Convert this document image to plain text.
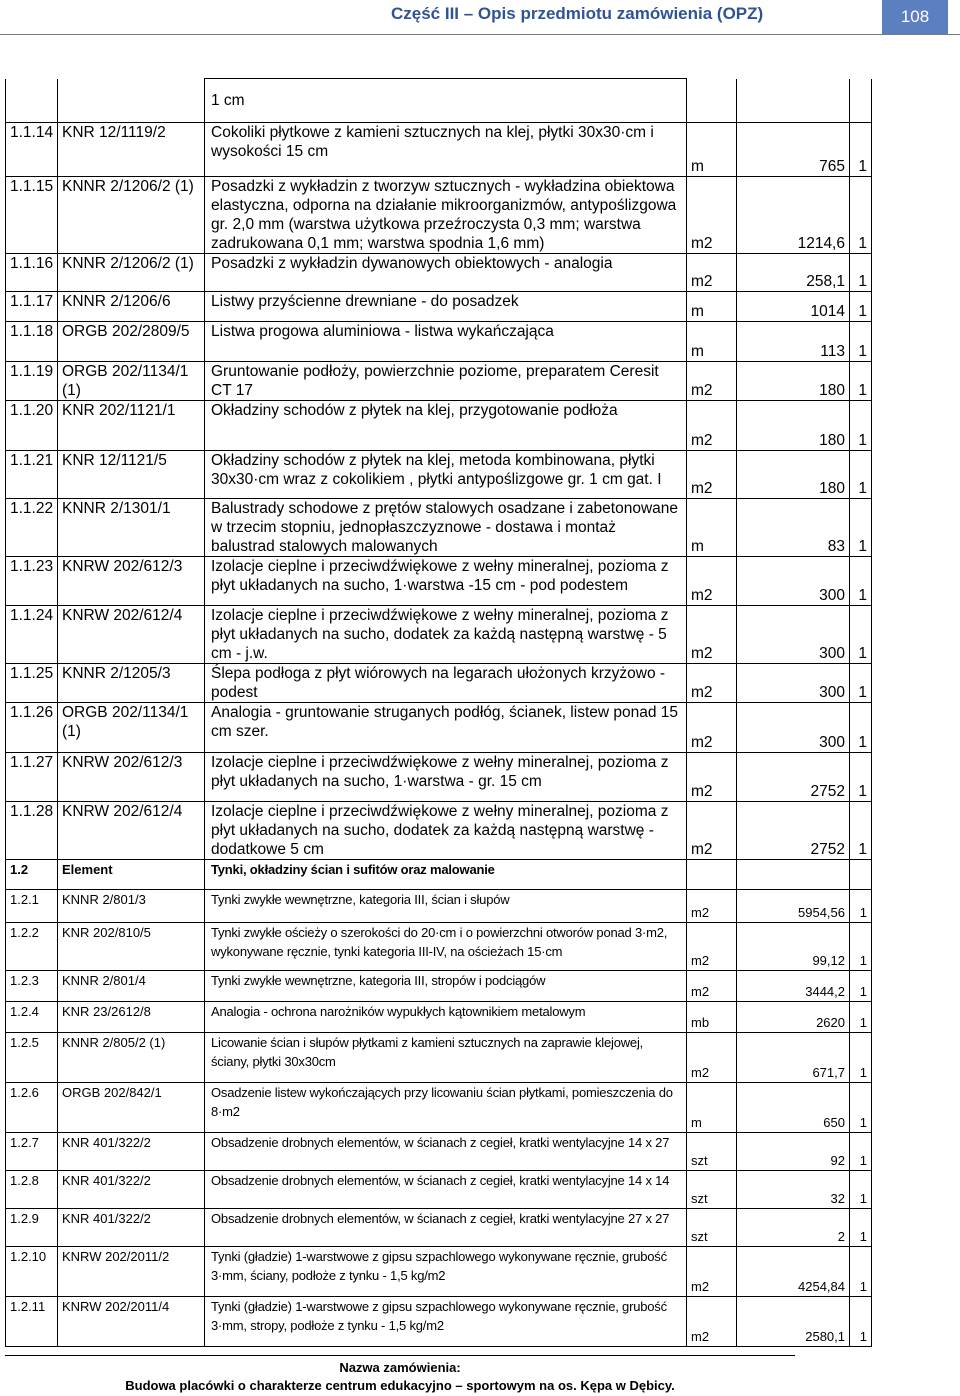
Część III – Opis przedmiotu zamówienia (OPZ)	108
		1 cm			
1.1.14	KNR 12/1119/2	Cokoliki płytkowe z kamieni sztucznych na klej, płytki 30x30·cm i wysokości 15 cm	m	765	1
1.1.15	KNNR 2/1206/2 (1)	Posadzki z wykładzin z tworzyw sztucznych - wykładzina obiektowa elastyczna, odporna na działanie mikroorganizmów, antypoślizgowa gr. 2,0 mm (warstwa użytkowa przeźroczysta 0,3 mm; warstwa zadrukowana 0,1 mm; warstwa spodnia 1,6 mm)	m2	1214,6	1
1.1.16	KNNR 2/1206/2 (1)	Posadzki z wykładzin dywanowych obiektowych - analogia	m2	258,1	1
1.1.17	KNNR 2/1206/6	Listwy przyścienne drewniane - do posadzek	m	1014	1
1.1.18	ORGB 202/2809/5	Listwa progowa aluminiowa - listwa wykańczająca	m	113	1
1.1.19	ORGB 202/1134/1 (1)	Gruntowanie podłoży, powierzchnie poziome, preparatem Ceresit CT 17	m2	180	1
1.1.20	KNR 202/1121/1	Okładziny schodów z płytek na klej, przygotowanie podłoża	m2	180	1
1.1.21	KNR 12/1121/5	Okładziny schodów z płytek na klej, metoda kombinowana, płytki 30x30·cm wraz z cokolikiem , płytki antypoślizgowe gr. 1 cm gat. I	m2	180	1
1.1.22	KNNR 2/1301/1	Balustrady schodowe z prętów stalowych osadzane i zabetonowane w trzecim stopniu, jednopłaszczyznowe - dostawa i montaż balustrad stalowych malowanych	m	83	1
1.1.23	KNRW 202/612/3	Izolacje cieplne i przeciwdźwiękowe z wełny mineralnej, poziomа z płyt układanych na sucho, 1·warstwa -15 cm - pod podestem	m2	300	1
1.1.24	KNRW 202/612/4	Izolacje cieplne i przeciwdźwiękowe z wełny mineralnej, pozioma z płyt układanych na sucho, dodatek za każdą następną warstwę - 5 cm - j.w.	m2	300	1
1.1.25	KNNR 2/1205/3	Ślepa podłoga z płyt wiórowych na legarach ułożonych krzyżowo - podest	m2	300	1
1.1.26	ORGB 202/1134/1 (1)	Analogia - gruntowanie struganych podłóg, ścianek, listew ponad 15 cm szer.	m2	300	1
1.1.27	KNRW 202/612/3	Izolacje cieplne i przeciwdźwiękowe z wełny mineralnej, pozioma z płyt układanych na sucho, 1·warstwa - gr. 15 cm	m2	2752	1
1.1.28	KNRW 202/612/4	Izolacje cieplne i przeciwdźwiękowe z wełny mineralnej, pozioma z płyt układanych na sucho, dodatek za każdą następną warstwę - dodatkowe 5 cm	m2	2752	1
1.2	Element	Tynki, okładziny ścian i sufitów oraz malowanie			
1.2.1	KNNR 2/801/3	Tynki zwykłe wewnętrzne, kategoria III, ścian i słupów	m2	5954,56	1
1.2.2	KNR 202/810/5	Tynki zwykłe ościeży o szerokości do 20·cm i o powierzchni otworów ponad 3·m2, wykonywane ręcznie, tynki kategoria III-IV, na ościeżach 15·cm	m2	99,12	1
1.2.3	KNNR 2/801/4	Tynki zwykłe wewnętrzne, kategoria III, stropów i podciągów	m2	3444,2	1
1.2.4	KNR 23/2612/8	Analogia - ochrona narożników wypukłych kątownikiem metalowym	mb	2620	1
1.2.5	KNNR 2/805/2 (1)	Licowanie ścian i słupów płytkami z kamieni sztucznych na zaprawie klejowej, ściany, płytki 30x30cm	m2	671,7	1
1.2.6	ORGB 202/842/1	Osadzenie listew wykończających przy licowaniu ścian płytkami, pomieszczenia do 8·m2	m	650	1
1.2.7	KNR 401/322/2	Obsadzenie drobnych elementów, w ścianach z cegieł, kratki wentylacyjne 14 x 27	szt	92	1
1.2.8	KNR 401/322/2	Obsadzenie drobnych elementów, w ścianach z cegieł, kratki wentylacyjne 14 x 14	szt	32	1
1.2.9	KNR 401/322/2	Obsadzenie drobnych elementów, w ścianach z cegieł, kratki wentylacyjne 27 x 27	szt	2	1
1.2.10	KNRW 202/2011/2	Tynki (gładzie) 1-warstwowe z gipsu szpachlowego wykonywane ręcznie, grubość 3·mm, ściany, podłoże z tynku - 1,5 kg/m2	m2	4254,84	1
1.2.11	KNRW 202/2011/4	Tynki (gładzie) 1-warstwowe z gipsu szpachlowego wykonywane ręcznie, grubość 3·mm, stropy, podłoże z tynku - 1,5 kg/m2	m2	2580,1	1
Nazwa zamówienia:
Budowa placówki o charakterze centrum edukacyjno – sportowym na os. Kępa w Dębicy.
